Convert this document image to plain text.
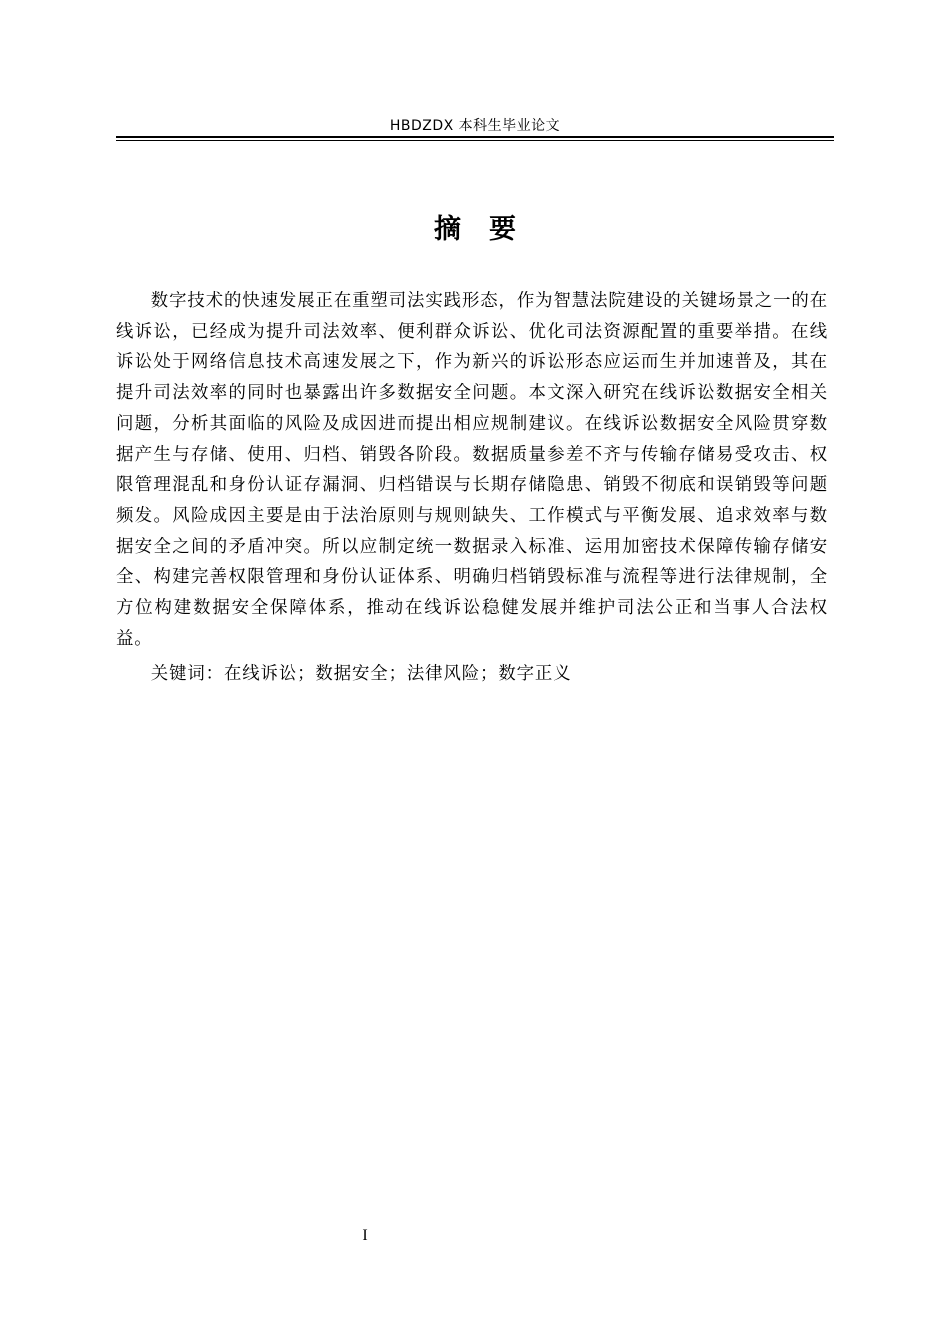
HBDZDX 本科生毕业论文
摘要

数字技术的快速发展正在重塑司法实践形态，作为智慧法院建设的关键场景之一的在线诉讼，已经成为提升司法效率、便利群众诉讼、优化司法资源配置的重要举措。在线诉讼处于网络信息技术高速发展之下，作为新兴的诉讼形态应运而生并加速普及，其在提升司法效率的同时也暴露出许多数据安全问题。本文深入研究在线诉讼数据安全相关问题，分析其面临的风险及成因进而提出相应规制建议。在线诉讼数据安全风险贯穿数据产生与存储、使用、归档、销毁各阶段。数据质量参差不齐与传输存储易受攻击、权限管理混乱和身份认证存漏洞、归档错误与长期存储隐患、销毁不彻底和误销毁等问题频发。风险成因主要是由于法治原则与规则缺失、工作模式与平衡发展、追求效率与数据安全之间的矛盾冲突。所以应制定统一数据录入标准、运用加密技术保障传输存储安全、构建完善权限管理和身份认证体系、明确归档销毁标准与流程等进行法律规制，全方位构建数据安全保障体系，推动在线诉讼稳健发展并维护司法公正和当事人合法权益。

关键词：在线诉讼；数据安全；法律风险；数字正义

I
